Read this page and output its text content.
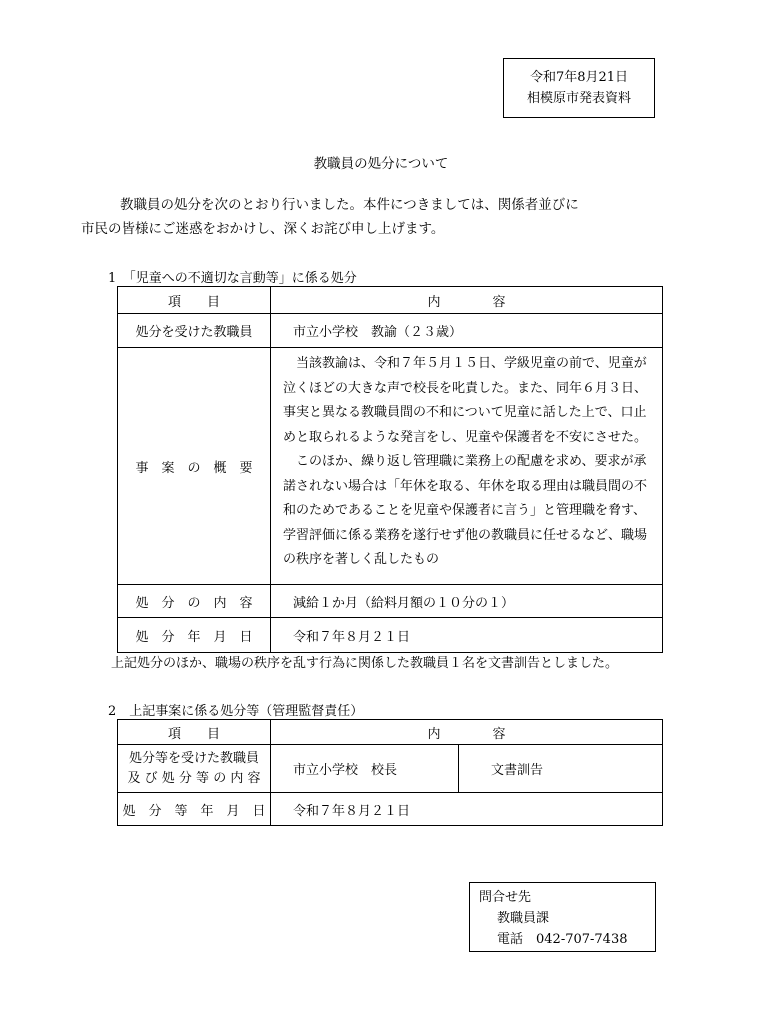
令和7年8月21日
相模原市発表資料
教職員の処分について

教職員の処分を次のとおり行いました。本件につきましては、関係者並びに

市民の皆様にご迷惑をおかけし、深くお詫び申し上げます。

1　「児童への不適切な言動等」に係る処分
項　　目	内　　　　容
処分を受けた教職員	市立小学校　教諭（２３歳）
事　案　の　概　要	当該教諭は、令和７年５月１５日、学級児童の前で、児童が泣くほどの大きな声で校長を叱責した。また、同年６月３日、事実と異なる教職員間の不和について児童に話した上で、口止めと取られるような発言をし、児童や保護者を不安にさせた。

このほか、繰り返し管理職に業務上の配慮を求め、要求が承諾されない場合は「年休を取る、年休を取る理由は職員間の不和のためであることを児童や保護者に言う」と管理職を脅す、学習評価に係る業務を遂行せず他の教職員に任せるなど、職場の秩序を著しく乱したもの

処　分　の　内　容	減給１か月（給料月額の１０分の１）
処　分　年　月　日	令和７年８月２１日
上記処分のほか、職場の秩序を乱す行為に関係した教職員１名を文書訓告としました。
2　上記事案に係る処分等（管理監督責任）
項　　目	内　　　　容	

処分等を受けた教職員
及 び 処 分 等 の 内 容	市立小学校　校長	文書訓告
処　分　等　年　月　日	令和７年８月２１日	
問合せ先
教職員課
電話　042-707-7438
